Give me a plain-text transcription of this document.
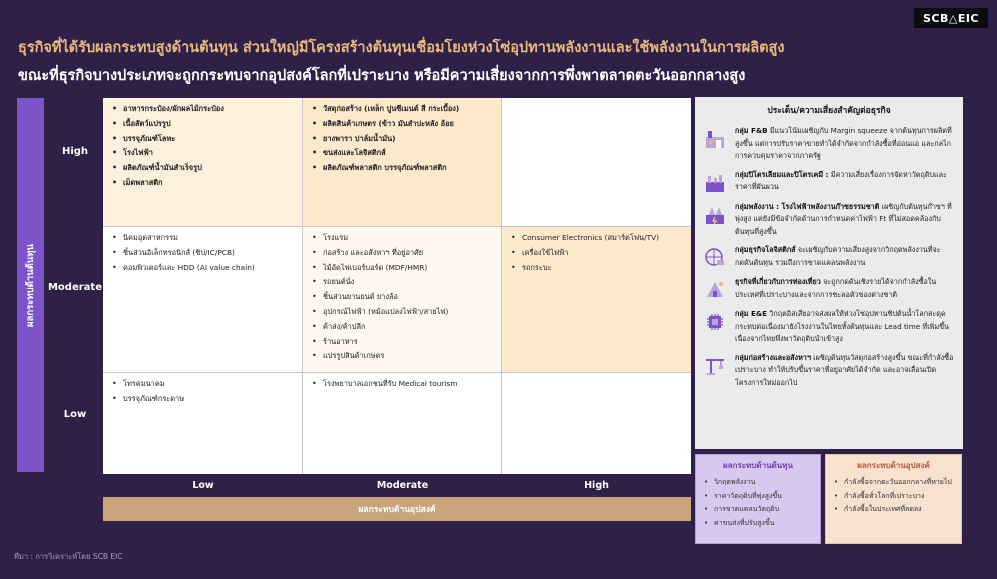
SCB△EIC
ธุรกิจที่ได้รับผลกระทบสูงด้านต้นทุน ส่วนใหญ่มีโครงสร้างต้นทุนเชื่อมโยงห่วงโซ่อุปทานพลังงานและใช้พลังงานในการผลิตสูง
ขณะที่ธุรกิจบางประเภทจะถูกกระทบจากอุปสงค์โลกที่เปราะบาง หรือมีความเสี่ยงจากการพึ่งพาตลาดตะวันออกกลางสูง
ผลกระทบด้านต้นทุน
High
Moderate
Low
• อาหารกระป๋อง/ผักผลไม้กระป๋อง
• เนื้อสัตว์แปรรูป
• บรรจุภัณฑ์โลหะ
• โรงไฟฟ้า
• ผลิตภัณฑ์น้ำมันสำเร็จรูป
• เม็ดพลาสติก
• วัสดุก่อสร้าง (เหล็ก ปูนซีเมนต์ สี กระเบื้อง)
• ผลิตสินค้าเกษตร (ข้าว มันสำปะหลัง อ้อย
• ยางพารา ปาล์มน้ำมัน)
• ขนส่งและโลจิสติกส์
• ผลิตภัณฑ์พลาสติก บรรจุภัณฑ์พลาสติก
• นิคมอุตสาหกรรม
• ชิ้นส่วนอิเล็กทรอนิกส์ (ชิป/IC/PCB)
• คอมพิวเตอร์และ HDD (AI value chain)
• โรงแรม
• ก่อสร้าง และอสังหาฯ ที่อยู่อาศัย
• ไม้อัดไฟเบอร์บอร์ด (MDF/HMR)
• รถยนต์นั่ง
• ชิ้นส่วนยานยนต์ ยางล้อ
• อุปกรณ์ไฟฟ้า (หม้อแปลงไฟฟ้า/สายไฟ)
• ค้าส่ง/ค้าปลีก
• ร้านอาหาร
• แปรรูปสินค้าเกษตร
• Consumer Electronics (สมาร์ตโฟน/TV)
• เครื่องใช้ไฟฟ้า
• รถกระบะ
• โทรคมนาคม
• บรรจุภัณฑ์กระดาษ
• โรงพยาบาลเอกชนที่รับ Medical tourism
Low	Moderate	High
ผลกระทบด้านอุปสงค์
ประเด็น/ความเสี่ยงสำคัญต่อธุรกิจ
กลุ่ม F&B มีแนวโน้มเผชิญกับ Margin squeeze จากต้นทุนการผลิตที่สูงขึ้น แต่การปรับราคาขายทำได้จำกัดจากกำลังซื้อที่อ่อนแอ และกลไกการควบคุมราคาจากภาครัฐ
กลุ่มปิโตรเลียมและปิโตรเคมี : มีความเสี่ยงเรื่องการจัดหาวัตถุดิบและราคาที่ผันผวน
กลุ่มพลังงาน : โรงไฟฟ้าพลังงานก๊าซธรรมชาติ เผชิญกับต้นทุนก๊าซฯ ที่พุ่งสูง แต่ยังมีข้อจำกัดด้านการกำหนดค่าไฟฟ้า Ft ที่ไม่สอดคล้องกับต้นทุนที่สูงขึ้น
กลุ่มธุรกิจโลจิสติกส์ จะเผชิญกับความเสี่ยงสูงจากวิกฤตพลังงานที่จะกดดันต้นทุน รวมถึงการขาดแคลนพลังงาน
ธุรกิจที่เกี่ยวกับการท่องเที่ยว จะถูกกดดันเชิงรายได้จากกำลังซื้อในประเทศที่เปราะบางและจากการชะลอตัวของต่างชาติ
กลุ่ม E&E วิกฤตอิสเสียอาจส่งผลให้ห่วงโซ่อุปทานชิปต้นน้ำโลกสะดุด กระทบต่อเนื่องมายังโรงงานในไทยทั้งต้นทุนและ Lead time ที่เพิ่มขึ้น เนื่องจากไทยพึ่งพาวัตถุดิบนำเข้าสูง
กลุ่มก่อสร้างและอสังหาฯ เผชิญต้นทุนวัสดุก่อสร้างสูงขึ้น ขณะที่กำลังซื้อเปราะบาง ทำให้ปรับขึ้นราคาที่อยู่อาศัยได้จำกัด และอาจเลื่อนเปิดโครงการใหม่ออกไป
ผลกระทบด้านต้นทุน
• วิกฤตพลังงาน
• ราคาวัตถุดิบที่พุ่งสูงขึ้น
• การขาดแคลนวัตถุดิบ
• ค่าขนส่งที่ปรับสูงขึ้น
ผลกระทบด้านอุปสงค์
• กำลังซื้อจากตะวันออกกลางที่หายไป
• กำลังซื้อทั่วโลกที่เปราะบาง
• กำลังซื้อในประเทศที่ลดลง
ที่มา : การวิเคราะห์โดย SCB EIC
